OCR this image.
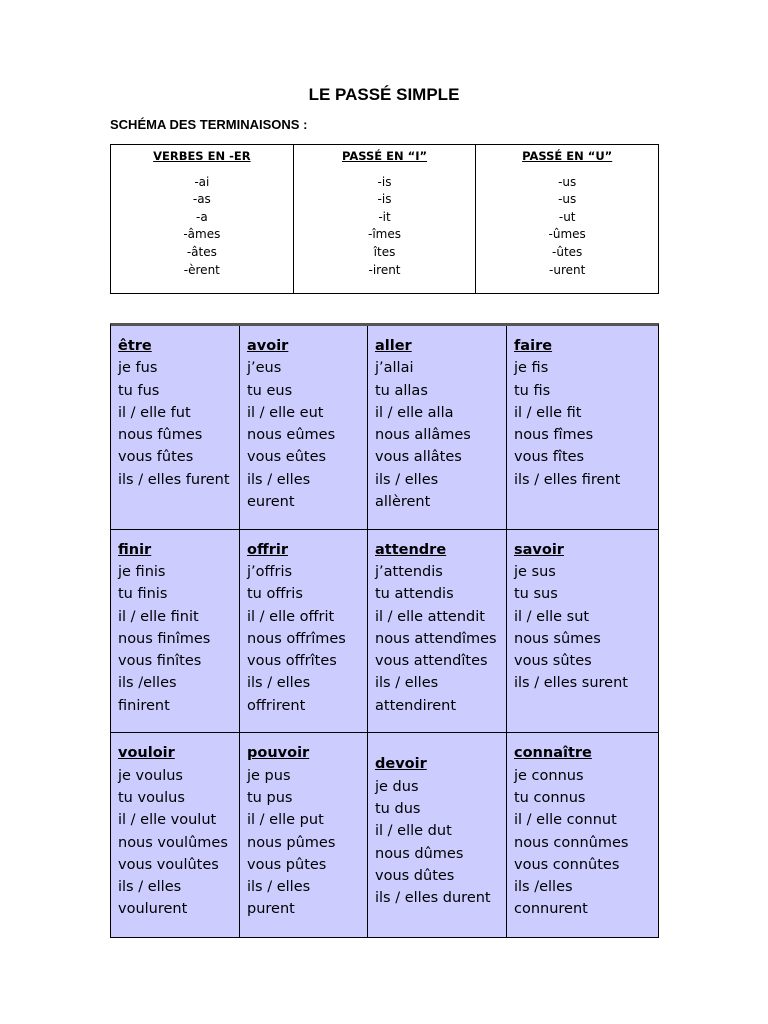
LE PASSÉ SIMPLE
SCHÉMA DES TERMINAISONS :
VERBES EN -ER
-ai
-as
-a
-âmes
-âtes
-èrent
PASSÉ EN “I”
-is
-is
-it
-îmes
îtes
-irent
PASSÉ EN “U”
-us
-us
-ut
-ûmes
-ûtes
-urent
être
je fus
tu fus
il / elle fut
nous fûmes
vous fûtes
ils / elles furent
avoir
j’eus
tu eus
il / elle eut
nous eûmes
vous eûtes
ils / elles
eurent
aller
j’allai
tu allas
il / elle alla
nous allâmes
vous allâtes
ils / elles
allèrent
faire
je fis
tu fis
il / elle fit
nous fîmes
vous fîtes
ils / elles firent
finir
je finis
tu finis
il / elle finit
nous finîmes
vous finîtes
ils /elles
finirent
offrir
j’offris
tu offris
il / elle offrit
nous offrîmes
vous offrîtes
ils / elles
offrirent
attendre
j’attendis
tu attendis
il / elle attendit
nous attendîmes
vous attendîtes
ils / elles
attendirent
savoir
je sus
tu sus
il / elle sut
nous sûmes
vous sûtes
ils / elles surent
vouloir
je voulus
tu voulus
il / elle voulut
nous voulûmes
vous voulûtes
ils / elles
voulurent
pouvoir
je pus
tu pus
il / elle put
nous pûmes
vous pûtes
ils / elles
purent
devoir
je dus
tu dus
il / elle dut
nous dûmes
vous dûtes
ils / elles durent
connaître
je connus
tu connus
il / elle connut
nous connûmes
vous connûtes
ils /elles
connurent
